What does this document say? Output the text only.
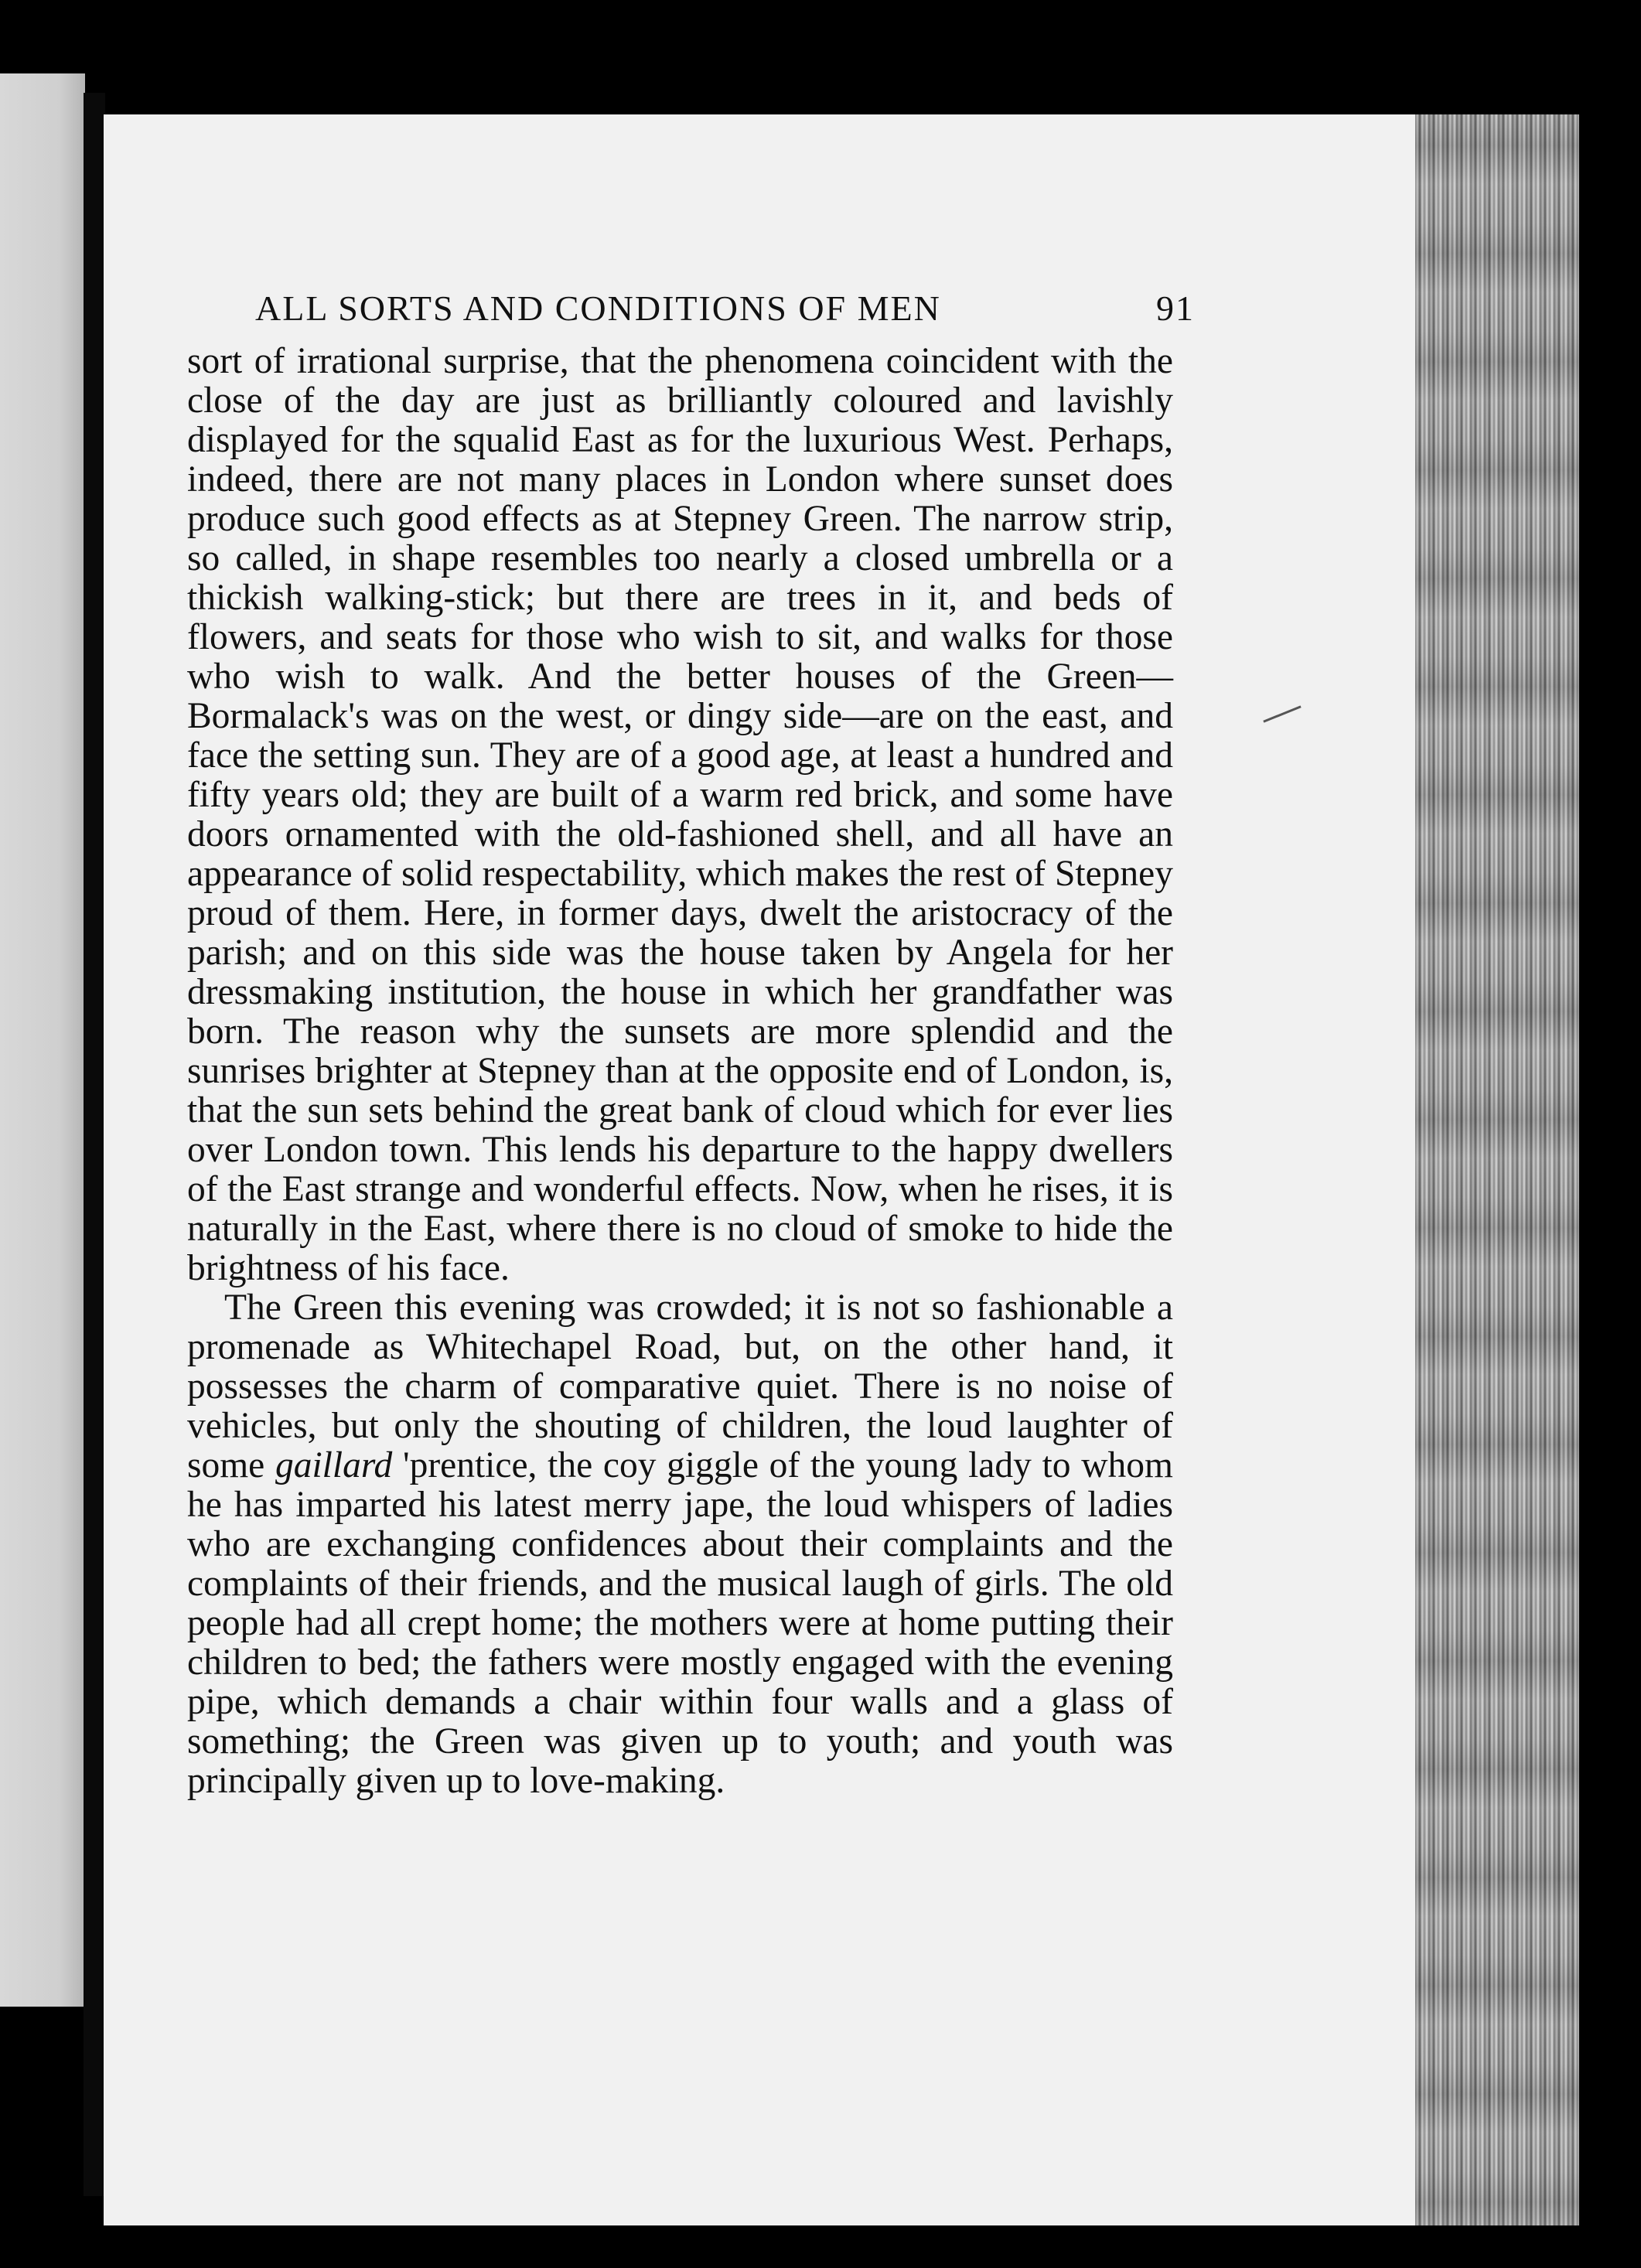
ALL SORTS AND CONDITIONS OF MEN	91

sort of irrational surprise, that the phenomena coincident with the close of the day are just as brilliantly coloured and lavishly displayed for the squalid East as for the luxurious West. Perhaps, indeed, there are not many places in London where sunset does produce such good effects as at Stepney Green. The narrow strip, so called, in shape resembles too nearly a closed umbrella or a thickish walking-stick; but there are trees in it, and beds of flowers, and seats for those who wish to sit, and walks for those who wish to walk. And the better houses of the Green—Bormalack's was on the west, or dingy side—are on the east, and face the setting sun. They are of a good age, at least a hundred and fifty years old; they are built of a warm red brick, and some have doors ornamented with the old-fashioned shell, and all have an appearance of solid respectability, which makes the rest of Stepney proud of them. Here, in former days, dwelt the aristocracy of the parish; and on this side was the house taken by Angela for her dressmaking institution, the house in which her grandfather was born. The reason why the sunsets are more splendid and the sunrises brighter at Stepney than at the opposite end of London, is, that the sun sets behind the great bank of cloud which for ever lies over London town. This lends his departure to the happy dwellers of the East strange and wonderful effects. Now, when he rises, it is naturally in the East, where there is no cloud of smoke to hide the brightness of his face.

The Green this evening was crowded; it is not so fashionable a promenade as Whitechapel Road, but, on the other hand, it possesses the charm of comparative quiet. There is no noise of vehicles, but only the shouting of children, the loud laughter of some gaillard 'prentice, the coy giggle of the young lady to whom he has imparted his latest merry jape, the loud whispers of ladies who are exchanging confidences about their complaints and the complaints of their friends, and the musical laugh of girls. The old people had all crept home; the mothers were at home putting their children to bed; the fathers were mostly engaged with the evening pipe, which demands a chair within four walls and a glass of something; the Green was given up to youth; and youth was principally given up to love-making.
